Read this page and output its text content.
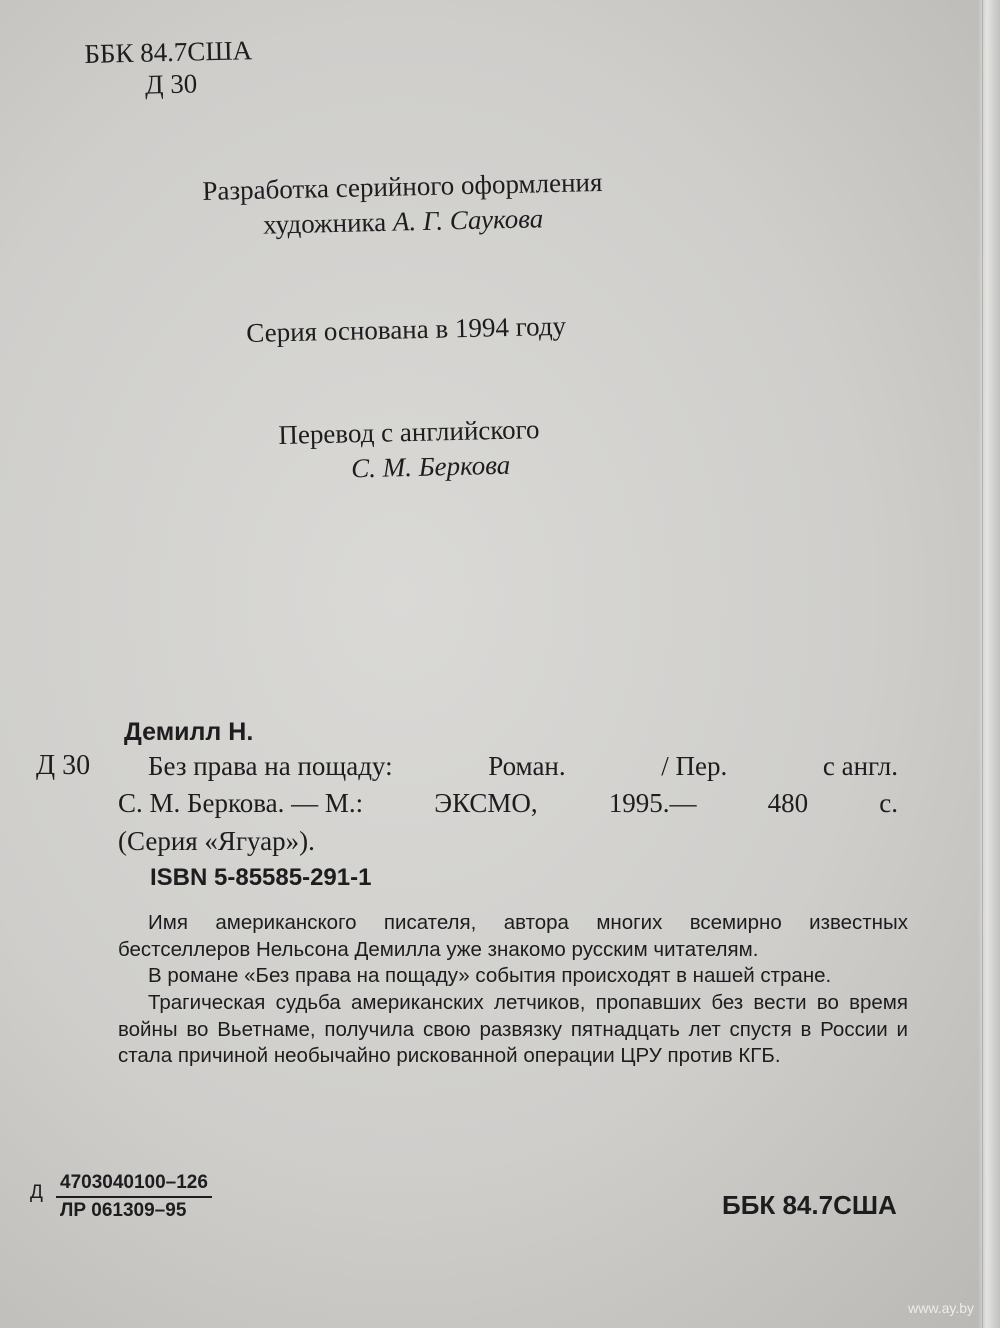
ББК 84.7США
Д 30
Разработка серийного оформления
художника А. Г. Саукова
Серия основана в 1994 году
Перевод с английского
С. М. Беркова
Демилл Н.
Д 30 Без права на пощаду:	Роман.	/ Пер.	с англ.
С. М. Беркова. — М.:	ЭКСМО,	1995.—	480	с.
(Серия «Ягуар»).
ISBN 5-85585-291-1

Имя американского писателя, автора многих всемирно известных бестселлеров Нельсона Демилла уже знакомо русским читателям.

В романе «Без права на пощаду» события происходят в нашей стране.

Трагическая судьба американских летчиков, пропавших без вести во время войны во Вьетнаме, получила свою развязку пятнадцать лет спустя в России и стала причиной необычайно рискованной операции ЦРУ против КГБ.

Д $\frac{4703040100-126}{ЛР 061309-95}$	ББК 84.7США
www.ay.by
